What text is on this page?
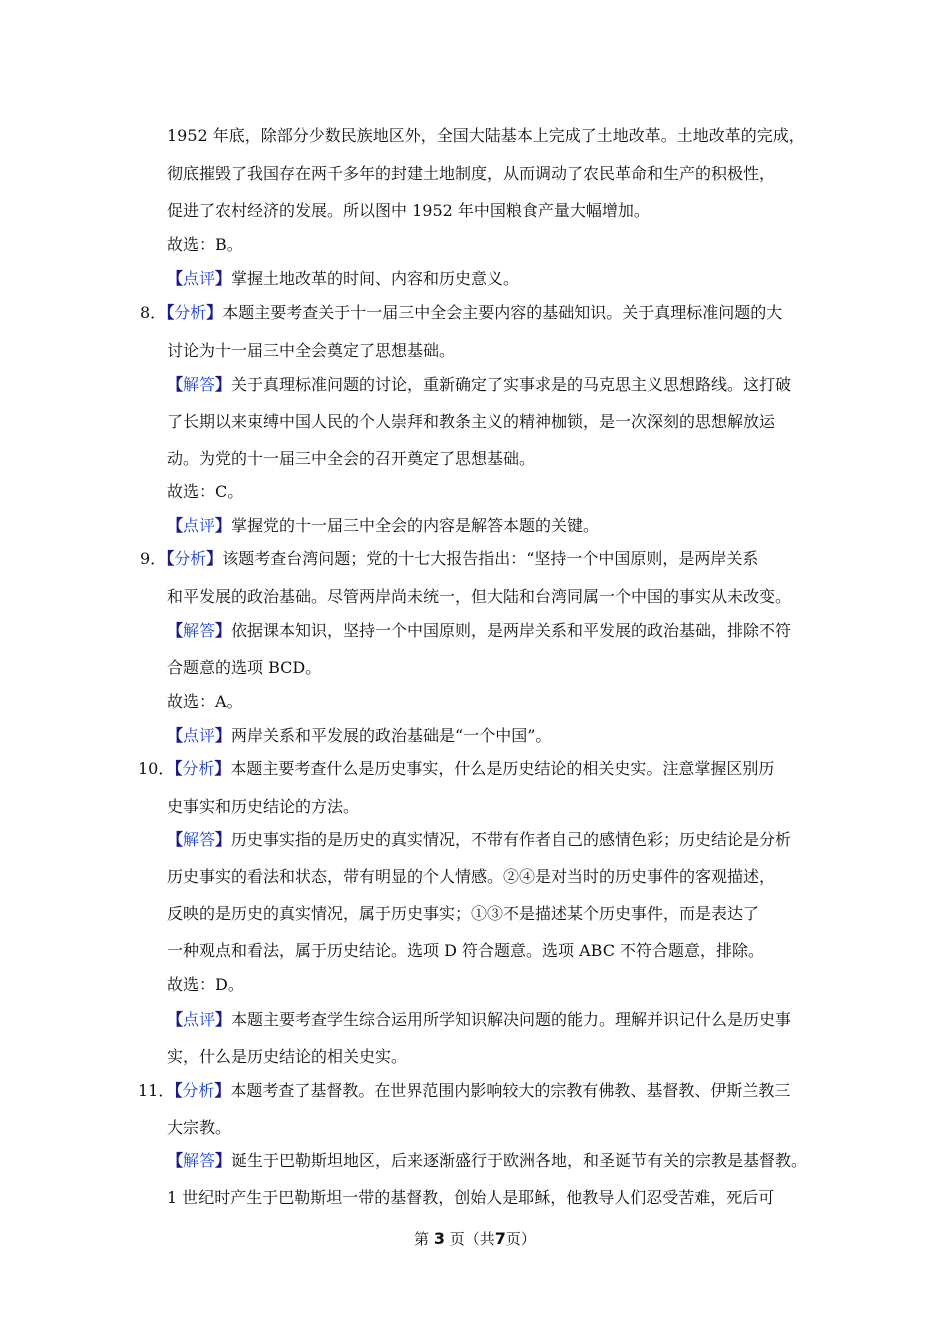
1952 年底，除部分少数民族地区外，全国大陆基本上完成了土地改革。土地改革的完成，
彻底摧毁了我国存在两千多年的封建土地制度，从而调动了农民革命和生产的积极性，
促进了农村经济的发展。所以图中 1952 年中国粮食产量大幅增加。
故选：B。
【点评】掌握土地改革的时间、内容和历史意义。
8．【分析】本题主要考查关于十一届三中全会主要内容的基础知识。关于真理标准问题的大
讨论为十一届三中全会奠定了思想基础。
【解答】关于真理标准问题的讨论，重新确定了实事求是的马克思主义思想路线。这打破
了长期以来束缚中国人民的个人崇拜和教条主义的精神枷锁，是一次深刻的思想解放运
动。为党的十一届三中全会的召开奠定了思想基础。
故选：C。
【点评】掌握党的十一届三中全会的内容是解答本题的关键。
9．【分析】该题考查台湾问题；党的十七大报告指出：“坚持一个中国原则，是两岸关系
和平发展的政治基础。尽管两岸尚未统一，但大陆和台湾同属一个中国的事实从未改变。
【解答】依据课本知识，坚持一个中国原则，是两岸关系和平发展的政治基础，排除不符
合题意的选项 BCD。
故选：A。
【点评】两岸关系和平发展的政治基础是“一个中国”。
10．【分析】本题主要考查什么是历史事实，什么是历史结论的相关史实。注意掌握区别历
史事实和历史结论的方法。
【解答】历史事实指的是历史的真实情况，不带有作者自己的感情色彩；历史结论是分析
历史事实的看法和状态，带有明显的个人情感。②④是对当时的历史事件的客观描述，
反映的是历史的真实情况，属于历史事实；①③不是描述某个历史事件，而是表达了
一种观点和看法，属于历史结论。选项 D 符合题意。选项 ABC 不符合题意，排除。
故选：D。
【点评】本题主要考查学生综合运用所学知识解决问题的能力。理解并识记什么是历史事
实，什么是历史结论的相关史实。
11．【分析】本题考查了基督教。在世界范围内影响较大的宗教有佛教、基督教、伊斯兰教三
大宗教。
【解答】诞生于巴勒斯坦地区，后来逐渐盛行于欧洲各地，和圣诞节有关的宗教是基督教。
1 世纪时产生于巴勒斯坦一带的基督教，创始人是耶稣，他教导人们忍受苦难，死后可
第 3 页（共7页）
